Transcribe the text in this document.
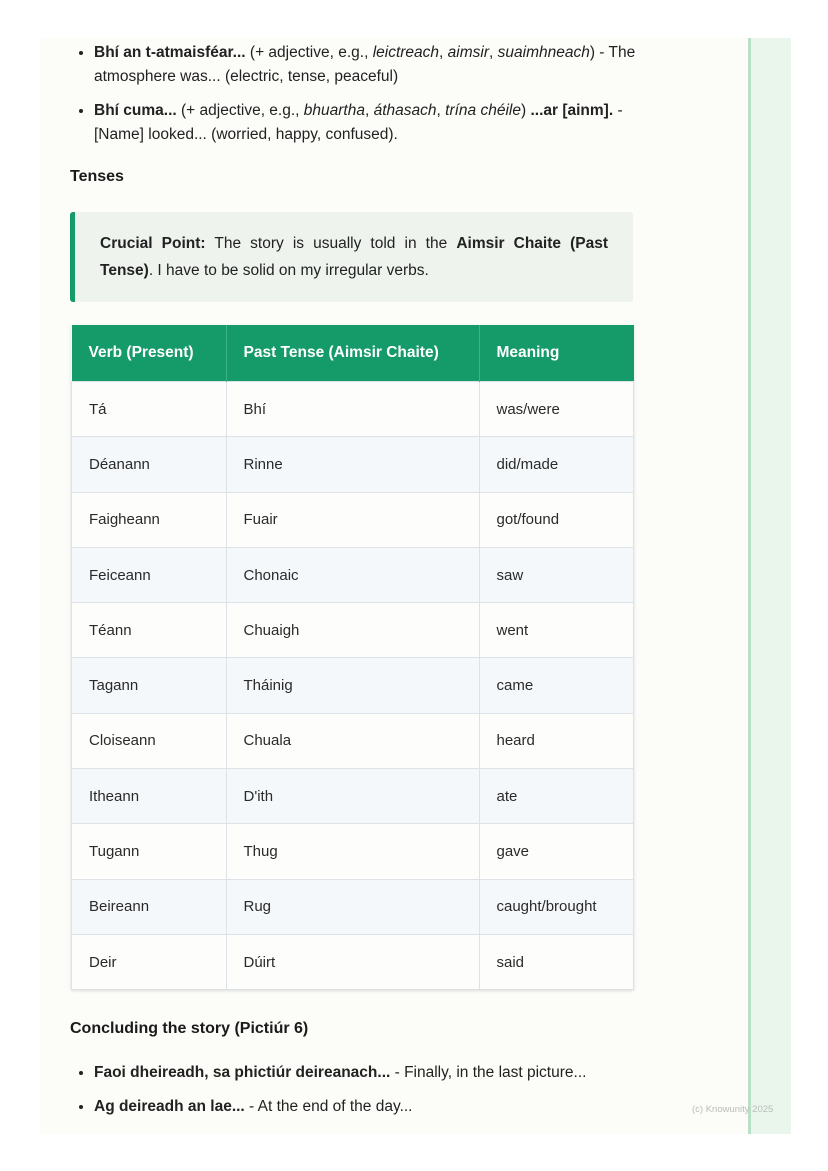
• Bhí an t-atmaisféar... (+ adjective, e.g., leictreach, aimsir, suaimhneach) - The atmosphere was... (electric, tense, peaceful)
• Bhí cuma... (+ adjective, e.g., bhuartha, áthasach, trína chéile) ...ar [ainm]. - [Name] looked... (worried, happy, confused).
Tenses
Crucial Point: The story is usually told in the Aimsir Chaite (Past Tense). I have to be solid on my irregular verbs.
Verb (Present)	Past Tense (Aimsir Chaite)	Meaning
Tá	Bhí	was/were
Déanann	Rinne	did/made
Faigheann	Fuair	got/found
Feiceann	Chonaic	saw
Téann	Chuaigh	went
Tagann	Tháinig	came
Cloiseann	Chuala	heard
Itheann	D'ith	ate
Tugann	Thug	gave
Beireann	Rug	caught/brought
Deir	Dúirt	said
Concluding the story (Pictiúr 6)
• Faoi dheireadh, sa phictiúr deireanach... - Finally, in the last picture...
• Ag deireadh an lae... - At the end of the day...	(c) Knowunity 2025
